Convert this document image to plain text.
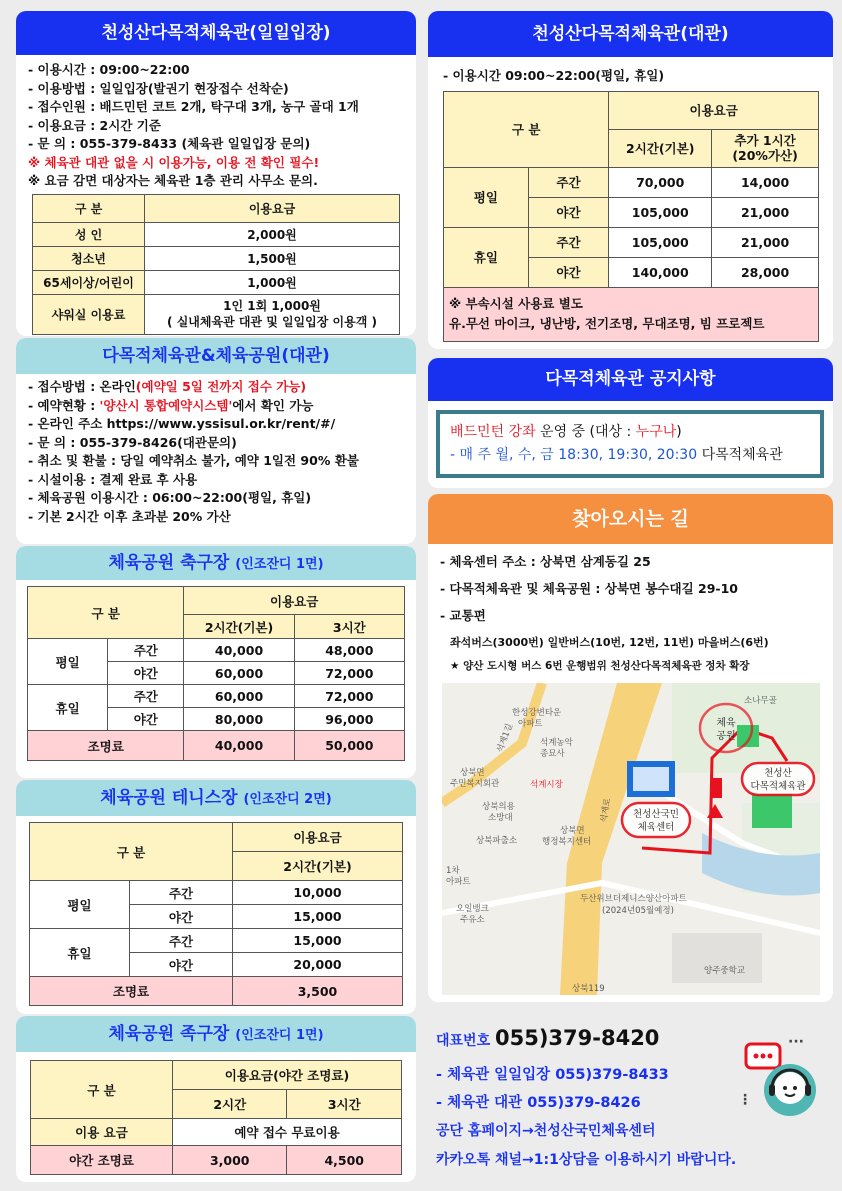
천성산다목적체육관(일일입장)
- 이용시간 : 09:00~22:00
- 이용방법 : 일일입장(발권기 현장접수 선착순)
- 접수인원 : 배드민턴 코트 2개, 탁구대 3개, 농구 골대 1개
- 이용요금 : 2시간 기준
- 문 의 : 055-379-8433 (체육관 일일입장 문의)
※ 체육관 대관 없을 시 이용가능, 이용 전 확인 필수!
※ 요금 감면 대상자는 체육관 1층 관리 사무소 문의.
구 분	이용요금
성 인	2,000원
청소년	1,500원
65세이상/어린이	1,000원
샤워실 이용료	1인 1회 1,000원
( 실내체육관 대관 및 일일입장 이용객 )
다목적체육관&체육공원(대관)
- 접수방법 : 온라인(예약일 5일 전까지 접수 가능)
- 예약현황 : '양산시 통합예약시스템'에서 확인 가능
- 온라인 주소 https://www.yssisul.or.kr/rent/#/
- 문 의 : 055-379-8426(대관문의)
- 취소 및 환불 : 당일 예약취소 불가, 예약 1일전 90% 환불
- 시설이용 : 결제 완료 후 사용
- 체육공원 이용시간 : 06:00~22:00(평일, 휴일)
- 기본 2시간 이후 초과분 20% 가산
체육공원 축구장 (인조잔디 1면)
구 분		이용요금	
		2시간(기본)	3시간
평일	주간	40,000	48,000
	야간	60,000	72,000
휴일	주간	60,000	72,000
	야간	80,000	96,000
조명료		40,000	50,000
체육공원 테니스장 (인조잔디 2면)
구 분		이용요금
		2시간(기본)
평일	주간	10,000
	야간	15,000
휴일	주간	15,000
	야간	20,000
조명료		3,500
체육공원 족구장 (인조잔디 1면)
구 분	이용요금(야간 조명료)	
	2시간	3시간
이용 요금	예약 접수 무료이용	
야간 조명료	3,000	4,500
천성산다목적체육관(대관)
- 이용시간 09:00~22:00(평일, 휴일)
구 분		이용요금	
		2시간(기본)	추가 1시간
(20%가산)

평일	주간	70,000	14,000
	야간	105,000	21,000
휴일	주간	105,000	21,000
	야간	140,000	28,000

※ 부속시설 사용료 별도
유.무선 마이크, 냉난방, 전기조명, 무대조명, 빔 프로젝트			
다목적체육관 공지사항
배드민턴 강좌 운영 중 (대상 : 누구나)
- 매 주 월, 수, 금 18:30, 19:30, 20:30 다목적체육관
찾아오시는 길
- 체육센터 주소 : 상북면 삼계동길 25
- 다목적체육관 및 체육공원 : 상북면 봉수대길 29-10
- 교통편
좌석버스(3000번) 일반버스(10번, 12번, 11번) 마을버스(6번)
★ 양산 도시형 버스 6번 운행범위 천성산다목적체육관 정차 확장
체육
공원
천성산
다목적체육관
천성산국민
체육센터
소나무골
한성강변타운
아파트
석계농악
종묘사
석계시장
상북면
주민복지회관
상북의용
소방대
상북파출소
상북면
행정복지센터
두산위브더제니스양산아파트
(2024년05월예정)
오일뱅크
주유소
양주중학교
상북119
1차
아파트
석계1길
석계로
대표번호 055)379-8420
- 체육관 일일입장 055)379-8433
- 체육관 대관 055)379-8426
공단 홈페이지→천성산국민체육센터
카카오톡 채널→1:1상담을 이용하시기 바랍니다.
···
⋮
